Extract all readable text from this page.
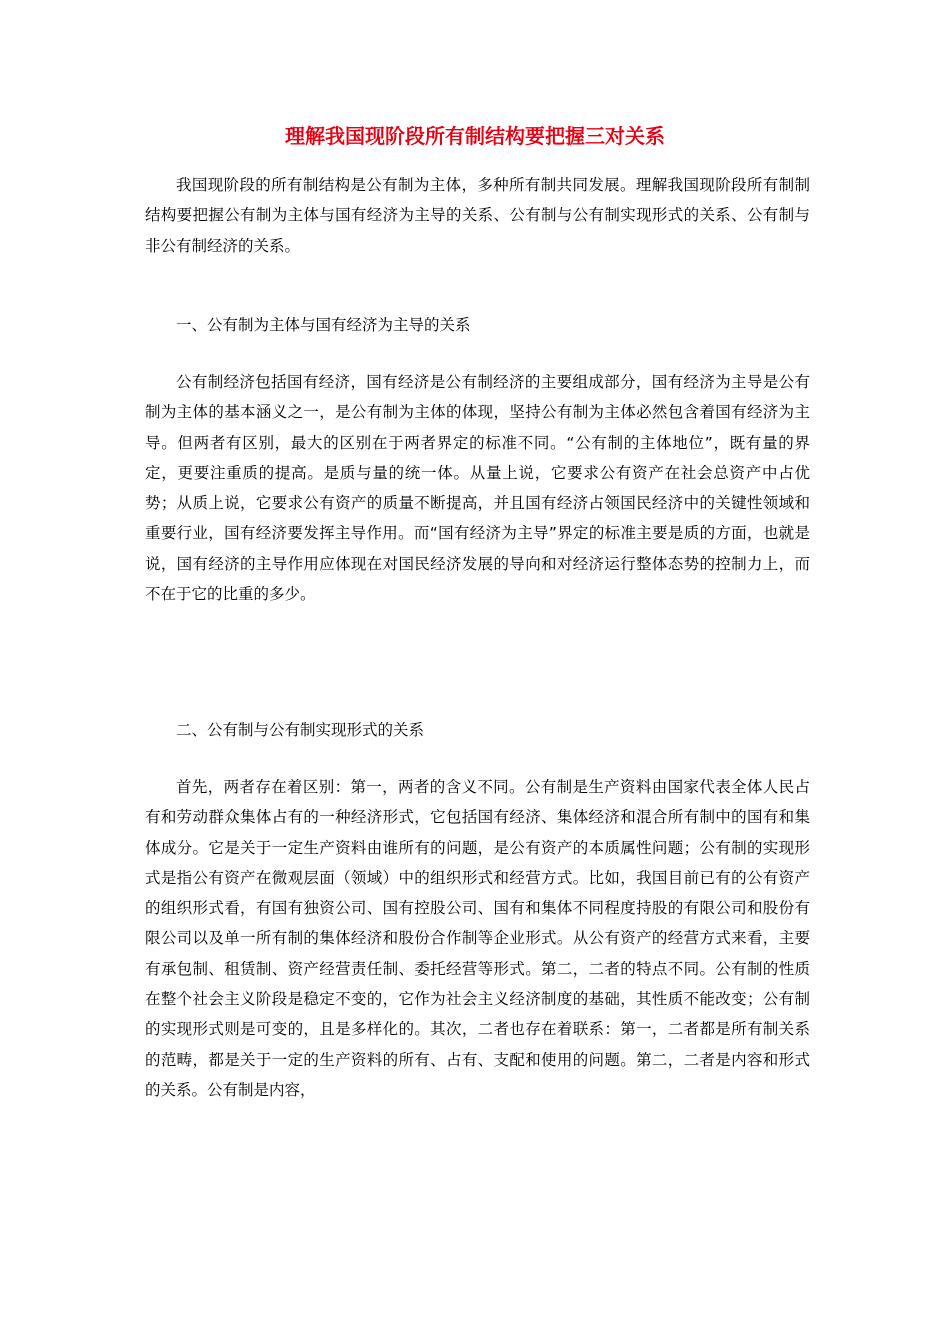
理解我国现阶段所有制结构要把握三对关系

我国现阶段的所有制结构是公有制为主体，多种所有制共同发展。理解我国现阶段所有制制结构要把握公有制为主体与国有经济为主导的关系、公有制与公有制实现形式的关系、公有制与非公有制经济的关系。

一、公有制为主体与国有经济为主导的关系

公有制经济包括国有经济，国有经济是公有制经济的主要组成部分，国有经济为主导是公有制为主体的基本涵义之一，是公有制为主体的体现，坚持公有制为主体必然包含着国有经济为主导。但两者有区别，最大的区别在于两者界定的标准不同。“公有制的主体地位”，既有量的界定，更要注重质的提高。是质与量的统一体。从量上说，它要求公有资产在社会总资产中占优势；从质上说，它要求公有资产的质量不断提高，并且国有经济占领国民经济中的关键性领域和重要行业，国有经济要发挥主导作用。而“国有经济为主导”界定的标准主要是质的方面，也就是说，国有经济的主导作用应体现在对国民经济发展的导向和对经济运行整体态势的控制力上，而不在于它的比重的多少。

二、公有制与公有制实现形式的关系

首先，两者存在着区别：第一，两者的含义不同。公有制是生产资料由国家代表全体人民占有和劳动群众集体占有的一种经济形式，它包括国有经济、集体经济和混合所有制中的国有和集体成分。它是关于一定生产资料由谁所有的问题，是公有资产的本质属性问题；公有制的实现形式是指公有资产在微观层面（领域）中的组织形式和经营方式。比如，我国目前已有的公有资产的组织形式看，有国有独资公司、国有控股公司、国有和集体不同程度持股的有限公司和股份有限公司以及单一所有制的集体经济和股份合作制等企业形式。从公有资产的经营方式来看，主要有承包制、租赁制、资产经营责任制、委托经营等形式。第二，二者的特点不同。公有制的性质在整个社会主义阶段是稳定不变的，它作为社会主义经济制度的基础，其性质不能改变；公有制的实现形式则是可变的，且是多样化的。其次，二者也存在着联系：第一，二者都是所有制关系的范畴，都是关于一定的生产资料的所有、占有、支配和使用的问题。第二，二者是内容和形式的关系。公有制是内容，
